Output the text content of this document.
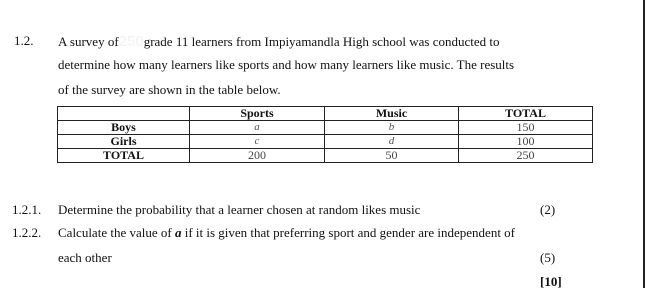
1.2. A survey of250grade 11 learners from Impiyamandla High school was conducted to
determine how many learners like sports and how many learners like music. The results
of the survey are shown in the table below.
	Sports	Music	TOTAL
Boys	a	b	150
Girls	c	d	100
TOTAL	200	50	250
1.2.1. Determine the probability that a learner chosen at random likes music	(2)
1.2.2. Calculate the value of a if it is given that preferring sport and gender are independent of
each other	(5)
[10]
